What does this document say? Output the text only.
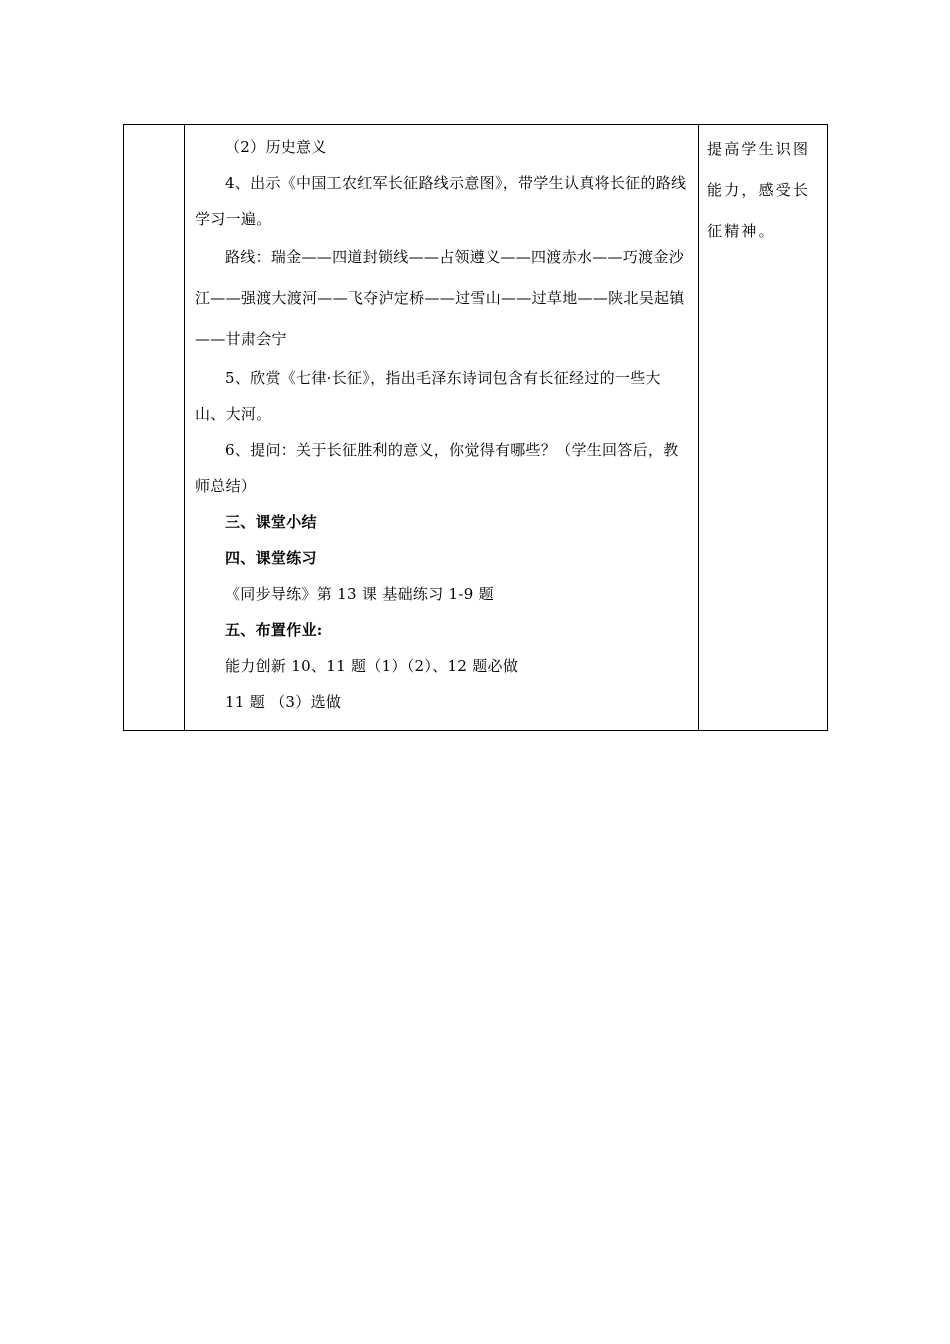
（2）历史意义

4、出示《中国工农红军长征路线示意图》，带学生认真将长征的路线学习一遍。

路线：瑞金——四道封锁线——占领遵义——四渡赤水——巧渡金沙江——强渡大渡河——飞夺泸定桥——过雪山——过草地——陕北吴起镇——甘肃会宁

5、欣赏《七律·长征》，指出毛泽东诗词包含有长征经过的一些大山、大河。

6、提问：关于长征胜利的意义，你觉得有哪些？（学生回答后，教师总结）

三、课堂小结

四、课堂练习

《同步导练》第 13 课 基础练习 1-9 题

五、布置作业:

能力创新 10、11 题（1）（2）、12 题必做

11 题 （3）选做

	提高学生识图能力，感受长征精神。
